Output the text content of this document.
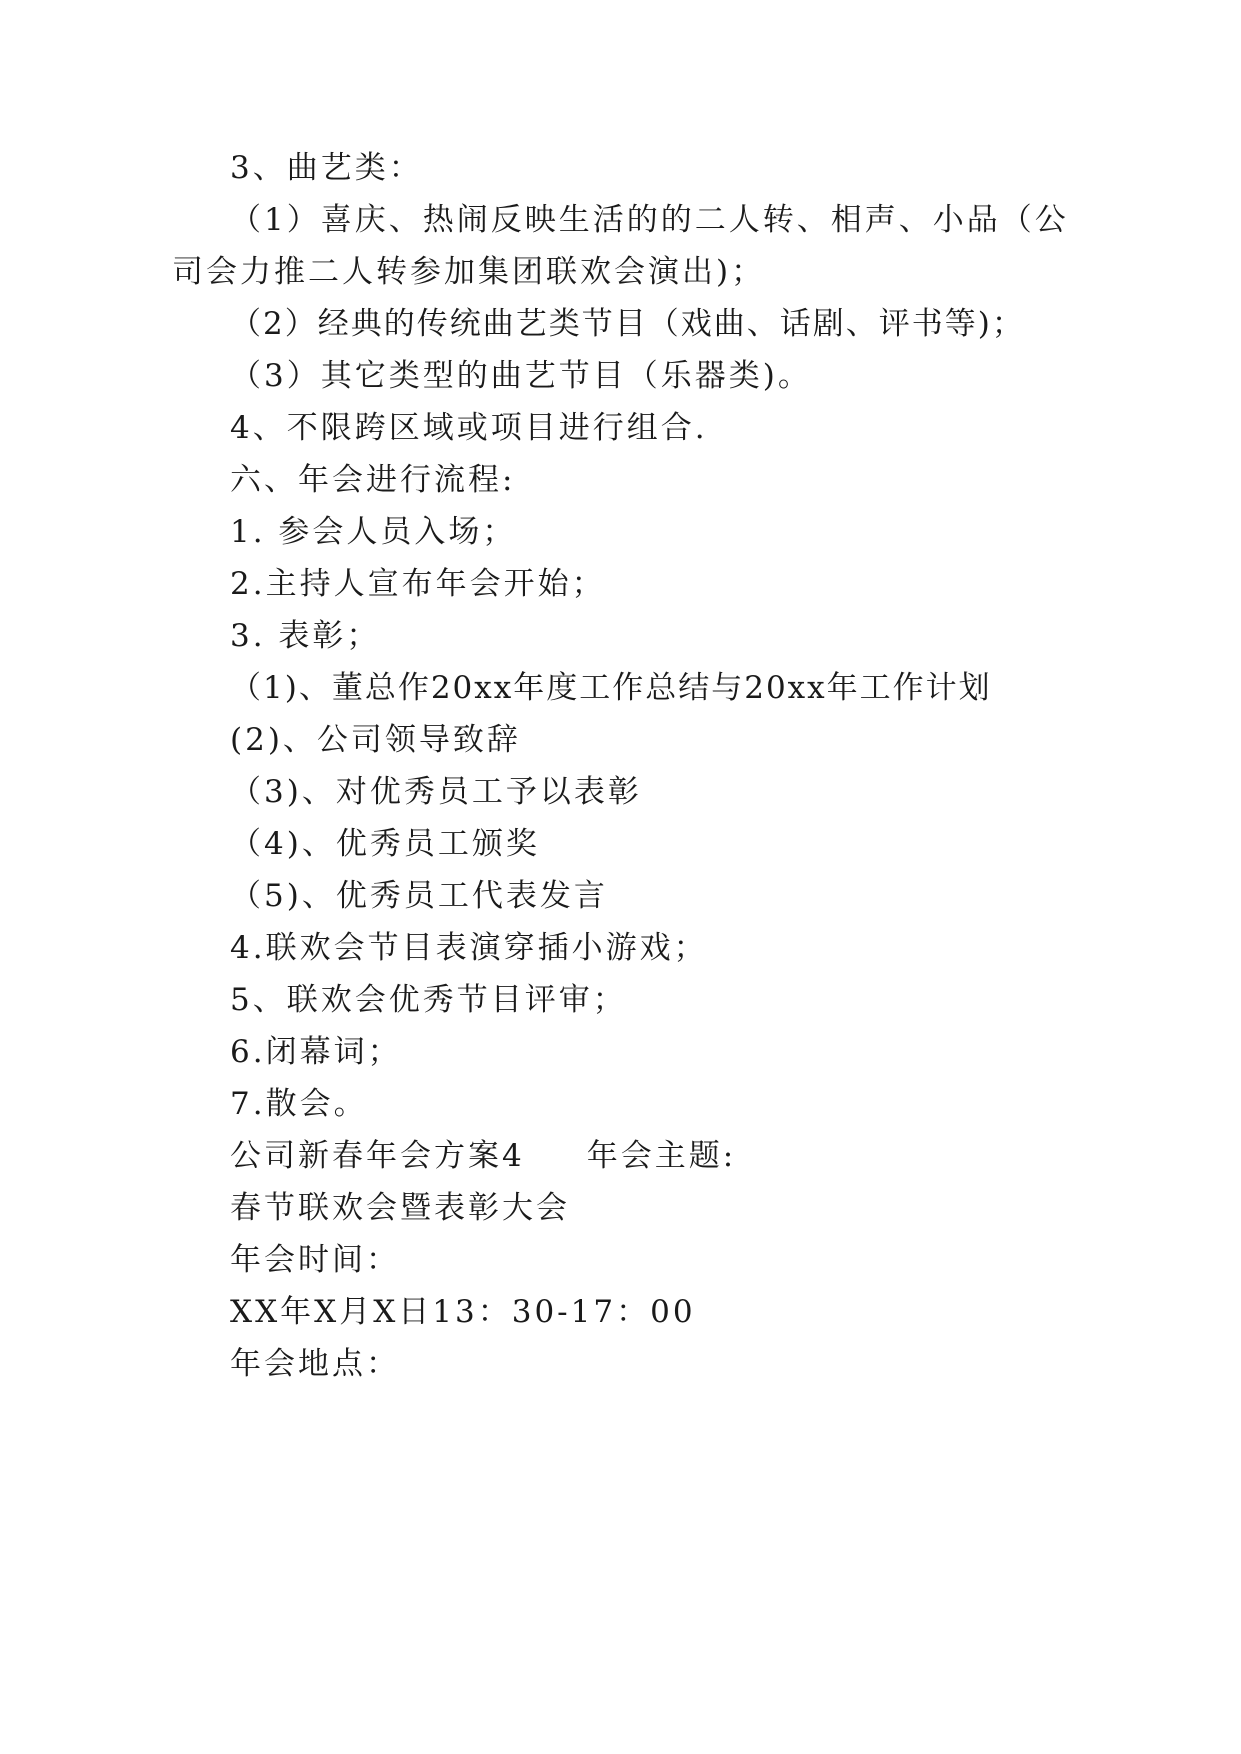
3、曲艺类：
（1）喜庆、热闹反映生活的的二人转、相声、小品（公
司会力推二人转参加集团联欢会演出)；
（2）经典的传统曲艺类节目（戏曲、话剧、评书等)；
（3）其它类型的曲艺节目（乐器类)。
4、不限跨区域或项目进行组合.
六、年会进行流程:
1. 参会人员入场；
2.主持人宣布年会开始；
3. 表彰；
（1)、董总作20xx年度工作总结与20xx年工作计划
(2)、公司领导致辞
（3)、对优秀员工予以表彰
（4)、优秀员工颁奖
（5)、优秀员工代表发言
4.联欢会节目表演穿插小游戏；
5、联欢会优秀节目评审；
6.闭幕词；
7.散会。
公司新春年会方案4 年会主题:
春节联欢会暨表彰大会
年会时间：
XX年X月X日13：30-17：00
年会地点：
